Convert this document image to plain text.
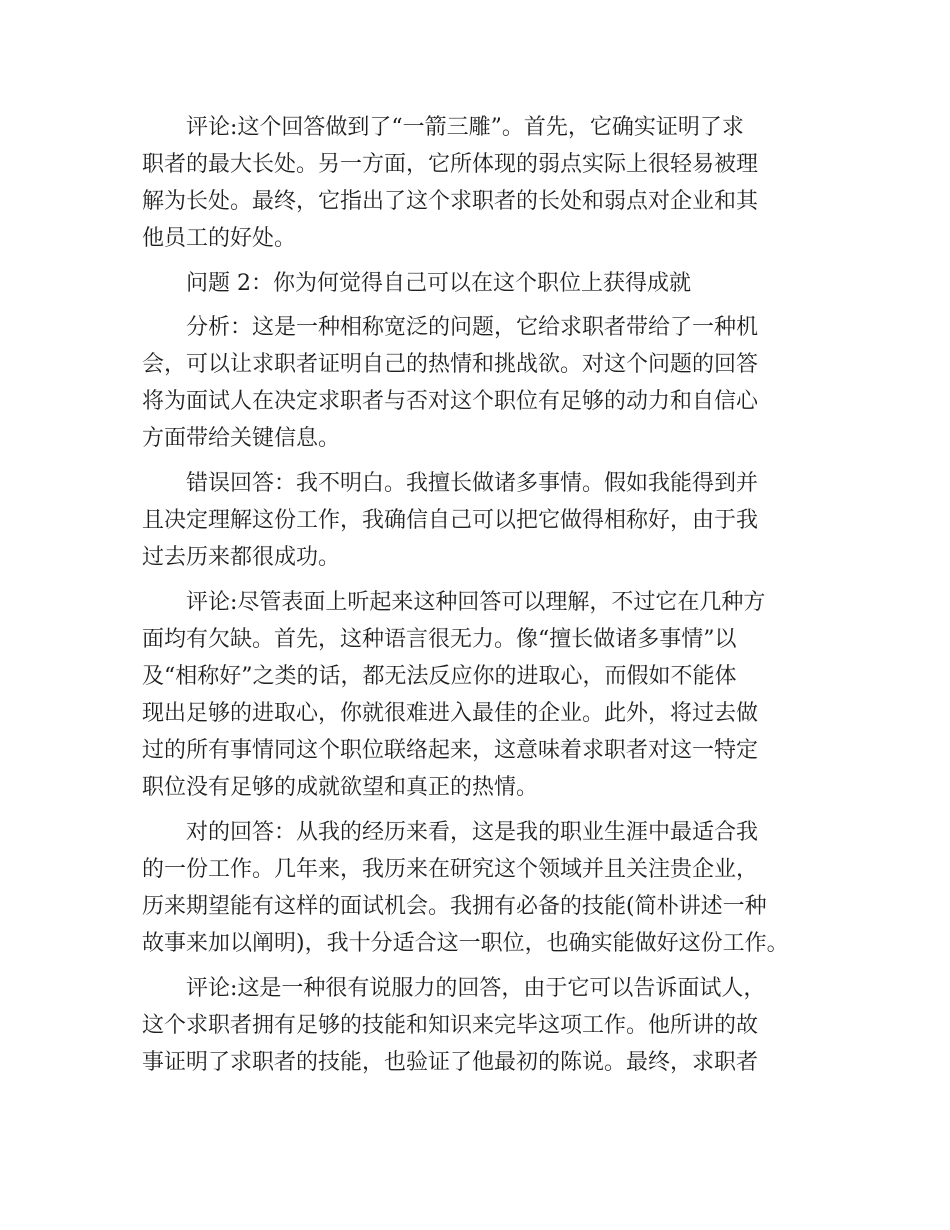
评论:这个回答做到了“一箭三雕”。首先，它确实证明了求
职者的最大长处。另一方面，它所体现的弱点实际上很轻易被理
解为长处。最终，它指出了这个求职者的长处和弱点对企业和其
他员工的好处。
问题 2：你为何觉得自己可以在这个职位上获得成就
分析：这是一种相称宽泛的问题，它给求职者带给了一种机
会，可以让求职者证明自己的热情和挑战欲。对这个问题的回答
将为面试人在决定求职者与否对这个职位有足够的动力和自信心
方面带给关键信息。
错误回答：我不明白。我擅长做诸多事情。假如我能得到并
且决定理解这份工作，我确信自己可以把它做得相称好，由于我
过去历来都很成功。
评论:尽管表面上听起来这种回答可以理解，不过它在几种方
面均有欠缺。首先，这种语言很无力。像“擅长做诸多事情”以
及“相称好”之类的话，都无法反应你的进取心，而假如不能体
现出足够的进取心，你就很难进入最佳的企业。此外，将过去做
过的所有事情同这个职位联络起来，这意味着求职者对这一特定
职位没有足够的成就欲望和真正的热情。
对的回答：从我的经历来看，这是我的职业生涯中最适合我
的一份工作。几年来，我历来在研究这个领域并且关注贵企业，
历来期望能有这样的面试机会。我拥有必备的技能(简朴讲述一种
故事来加以阐明)，我十分适合这一职位，也确实能做好这份工作。
评论:这是一种很有说服力的回答，由于它可以告诉面试人，
这个求职者拥有足够的技能和知识来完毕这项工作。他所讲的故
事证明了求职者的技能，也验证了他最初的陈说。最终，求职者
